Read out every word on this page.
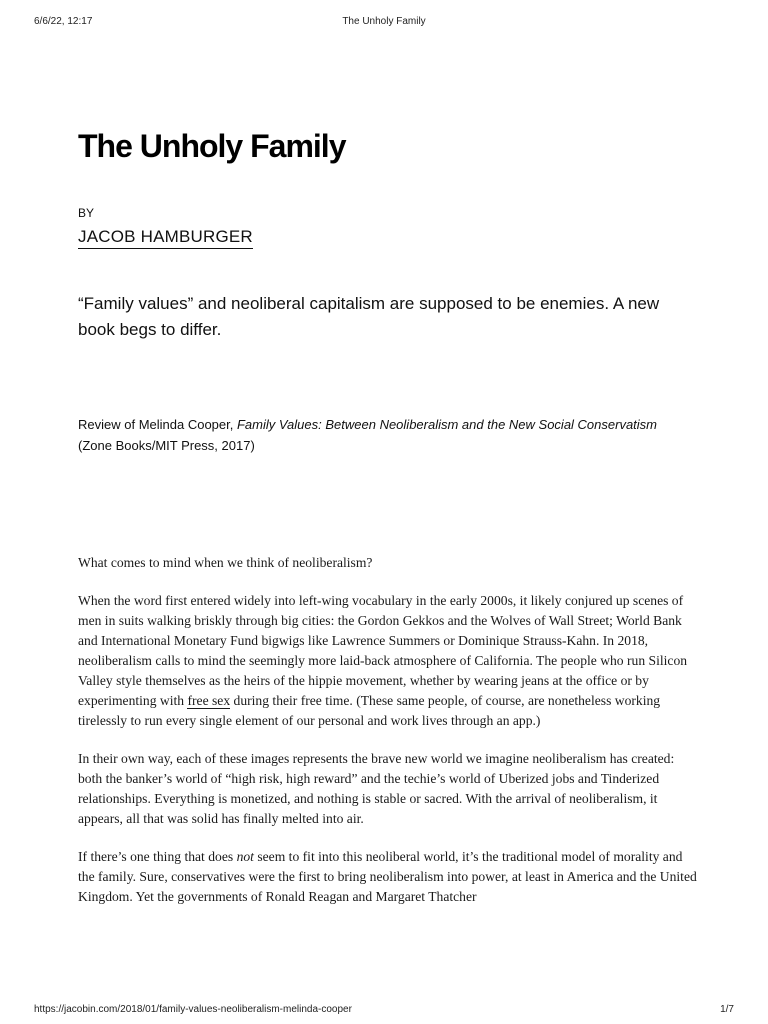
6/6/22, 12:17	The Unholy Family
The Unholy Family
BY
JACOB HAMBURGER

“Family values” and neoliberal capitalism are supposed to be enemies. A new book begs to differ.

Review of Melinda Cooper, Family Values: Between Neoliberalism and the New Social Conservatism (Zone Books/MIT Press, 2017)

What comes to mind when we think of neoliberalism?

When the word first entered widely into left-wing vocabulary in the early 2000s, it likely conjured up scenes of men in suits walking briskly through big cities: the Gordon Gekkos and the Wolves of Wall Street; World Bank and International Monetary Fund bigwigs like Lawrence Summers or Dominique Strauss-Kahn. In 2018, neoliberalism calls to mind the seemingly more laid-back atmosphere of California. The people who run Silicon Valley style themselves as the heirs of the hippie movement, whether by wearing jeans at the office or by experimenting with free sex during their free time. (These same people, of course, are nonetheless working tirelessly to run every single element of our personal and work lives through an app.)

In their own way, each of these images represents the brave new world we imagine neoliberalism has created: both the banker’s world of “high risk, high reward” and the techie’s world of Uberized jobs and Tinderized relationships. Everything is monetized, and nothing is stable or sacred. With the arrival of neoliberalism, it appears, all that was solid has finally melted into air.

If there’s one thing that does not seem to fit into this neoliberal world, it’s the traditional model of morality and the family. Sure, conservatives were the first to bring neoliberalism into power, at least in America and the United Kingdom. Yet the governments of Ronald Reagan and Margaret Thatcher

https://jacobin.com/2018/01/family-values-neoliberalism-melinda-cooper	1/7
